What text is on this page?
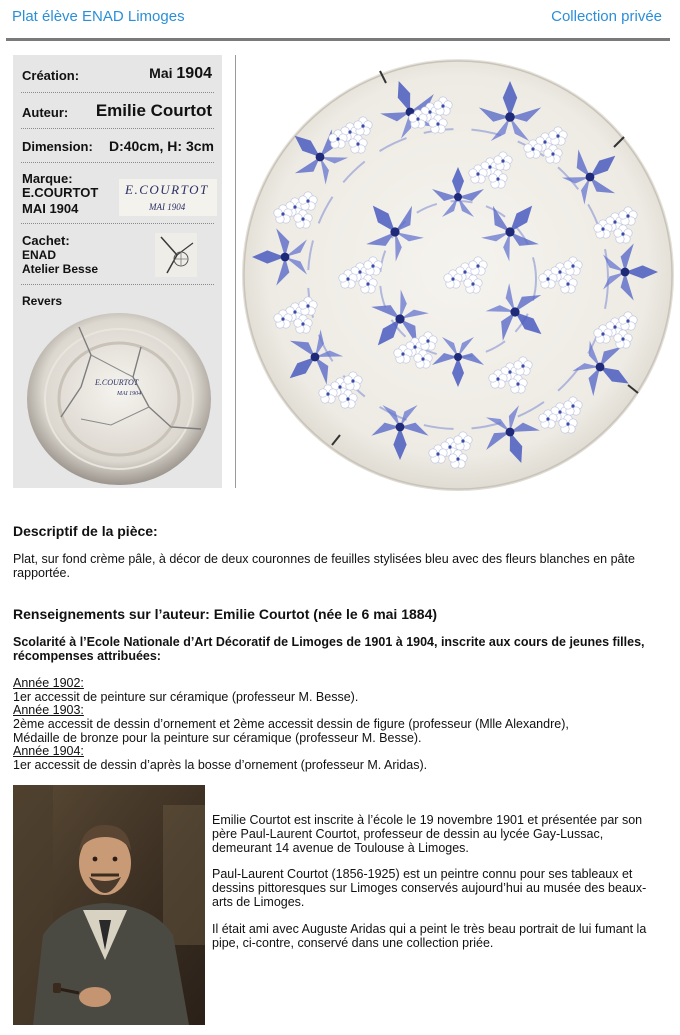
Plat élève ENAD Limoges	Collection privée
Création:	Mai 1904
Auteur: Emilie Courtot
Dimension: D:40cm, H: 3cm
Marque:
E.COURTOT
MAI 1904
E.COURTOT
MAI 1904
Cachet:
ENAD
Atelier Besse
Revers
E.COURTOT
MAI 1904
Descriptif de la pièce:
Plat, sur fond crème pâle, à décor de deux couronnes de feuilles stylisées bleu avec des fleurs blanches en pâte rapportée.
Renseignements sur l’auteur: Emilie Courtot (née le 6 mai 1884)
Scolarité à l’Ecole Nationale d’Art Décoratif de Limoges de 1901 à 1904, inscrite aux cours de jeunes filles, récompenses attribuées:
Année 1902:
1er accessit de peinture sur céramique (professeur M. Besse).
Année 1903:
2ème accessit de dessin d’ornement et 2ème accessit dessin de figure (professeur (Mlle Alexandre),
Médaille de bronze pour la peinture sur céramique (professeur M. Besse).
Année 1904:
1er accessit de dessin d’après la bosse d’ornement (professeur M. Aridas).
Emilie Courtot est inscrite à l’école le 19 novembre 1901 et présentée par son père Paul-Laurent Courtot, professeur de dessin au lycée Gay-Lussac, demeurant 14 avenue de Toulouse à Limoges.
Paul-Laurent Courtot (1856-1925) est un peintre connu pour ses tableaux et dessins pittoresques sur Limoges conservés aujourd’hui au musée des beaux-arts de Limoges.
Il était ami avec Auguste Aridas qui a peint le très beau portrait de lui fumant la pipe, ci-contre, conservé dans une collection priée.
